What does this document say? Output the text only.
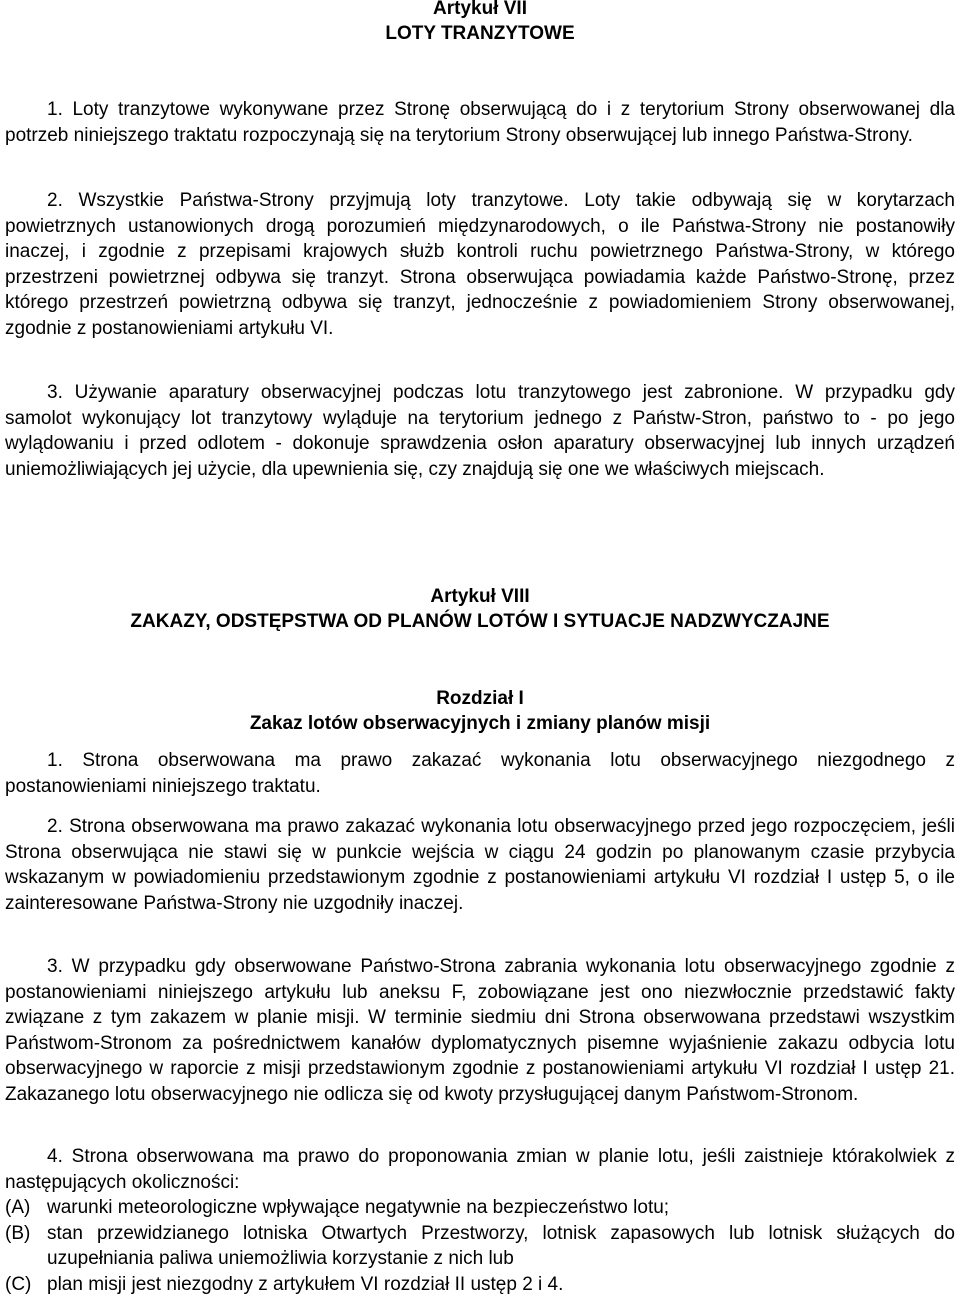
Artykuł VII
LOTY TRANZYTOWE

1. Loty tranzytowe wykonywane przez Stronę obserwującą do i z terytorium Strony obserwowanej dla potrzeb niniejszego traktatu rozpoczynają się na terytorium Strony obserwującej lub innego Państwa-Strony.

2. Wszystkie Państwa-Strony przyjmują loty tranzytowe. Loty takie odbywają się w korytarzach powietrznych ustanowionych drogą porozumień międzynarodowych, o ile Państwa-Strony nie postanowiły inaczej, i zgodnie z przepisami krajowych służb kontroli ruchu powietrznego Państwa-Strony, w którego przestrzeni powietrznej odbywa się tranzyt. Strona obserwująca powiadamia każde Państwo-Stronę, przez którego przestrzeń powietrzną odbywa się tranzyt, jednocześnie z powiadomieniem Strony obserwowanej, zgodnie z postanowieniami artykułu VI.

3. Używanie aparatury obserwacyjnej podczas lotu tranzytowego jest zabronione. W przypadku gdy samolot wykonujący lot tranzytowy wyląduje na terytorium jednego z Państw-Stron, państwo to - po jego wylądowaniu i przed odlotem - dokonuje sprawdzenia osłon aparatury obserwacyjnej lub innych urządzeń uniemożliwiających jej użycie, dla upewnienia się, czy znajdują się one we właściwych miejscach.

Artykuł VIII
ZAKAZY, ODSTĘPSTWA OD PLANÓW LOTÓW I SYTUACJE NADZWYCZAJNE
Rozdział I
Zakaz lotów obserwacyjnych i zmiany planów misji

1. Strona obserwowana ma prawo zakazać wykonania lotu obserwacyjnego niezgodnego z postanowieniami niniejszego traktatu.

2. Strona obserwowana ma prawo zakazać wykonania lotu obserwacyjnego przed jego rozpoczęciem, jeśli Strona obserwująca nie stawi się w punkcie wejścia w ciągu 24 godzin po planowanym czasie przybycia wskazanym w powiadomieniu przedstawionym zgodnie z postanowieniami artykułu VI rozdział I ustęp 5, o ile zainteresowane Państwa-Strony nie uzgodniły inaczej.

3. W przypadku gdy obserwowane Państwo-Strona zabrania wykonania lotu obserwacyjnego zgodnie z postanowieniami niniejszego artykułu lub aneksu F, zobowiązane jest ono niezwłocznie przedstawić fakty związane z tym zakazem w planie misji. W terminie siedmiu dni Strona obserwowana przedstawi wszystkim Państwom-Stronom za pośrednictwem kanałów dyplomatycznych pisemne wyjaśnienie zakazu odbycia lotu obserwacyjnego w raporcie z misji przedstawionym zgodnie z postanowieniami artykułu VI rozdział I ustęp 21. Zakazanego lotu obserwacyjnego nie odlicza się od kwoty przysługującej danym Państwom-Stronom.

4. Strona obserwowana ma prawo do proponowania zmian w planie lotu, jeśli zaistnieje którakolwiek z następujących okoliczności:

(A) warunki meteorologiczne wpływające negatywnie na bezpieczeństwo lotu;
(B) stan przewidzianego lotniska Otwartych Przestworzy, lotnisk zapasowych lub lotnisk służących do uzupełniania paliwa uniemożliwia korzystanie z nich lub
(C) plan misji jest niezgodny z artykułem VI rozdział II ustęp 2 i 4.
